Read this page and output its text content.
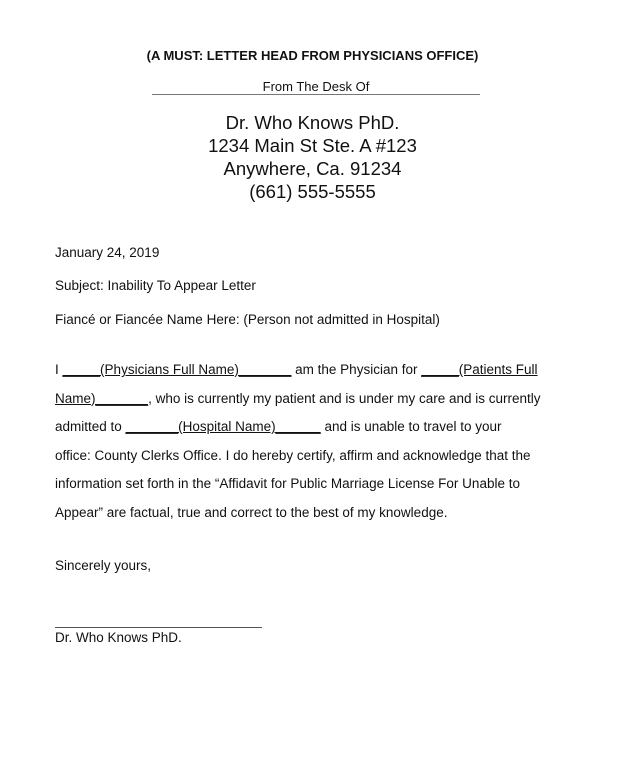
(A MUST: LETTER HEAD FROM PHYSICIANS OFFICE)
From The Desk Of
Dr. Who Knows PhD.
1234 Main St Ste. A #123
Anywhere, Ca. 91234
(661) 555-5555
January 24, 2019
Subject: Inability To Appear Letter
Fiancé or Fiancée Name Here: (Person not admitted in Hospital)
I _____(Physicians Full Name)_______ am the Physician for _____(Patients Full
Name)_______, who is currently my patient and is under my care and is currently
admitted to _______(Hospital Name)______ and is unable to travel to your
office: County Clerks Office. I do hereby certify, affirm and acknowledge that the
information set forth in the “Affidavit for Public Marriage License For Unable to
Appear” are factual, true and correct to the best of my knowledge.
Sincerely yours,
Dr. Who Knows PhD.
